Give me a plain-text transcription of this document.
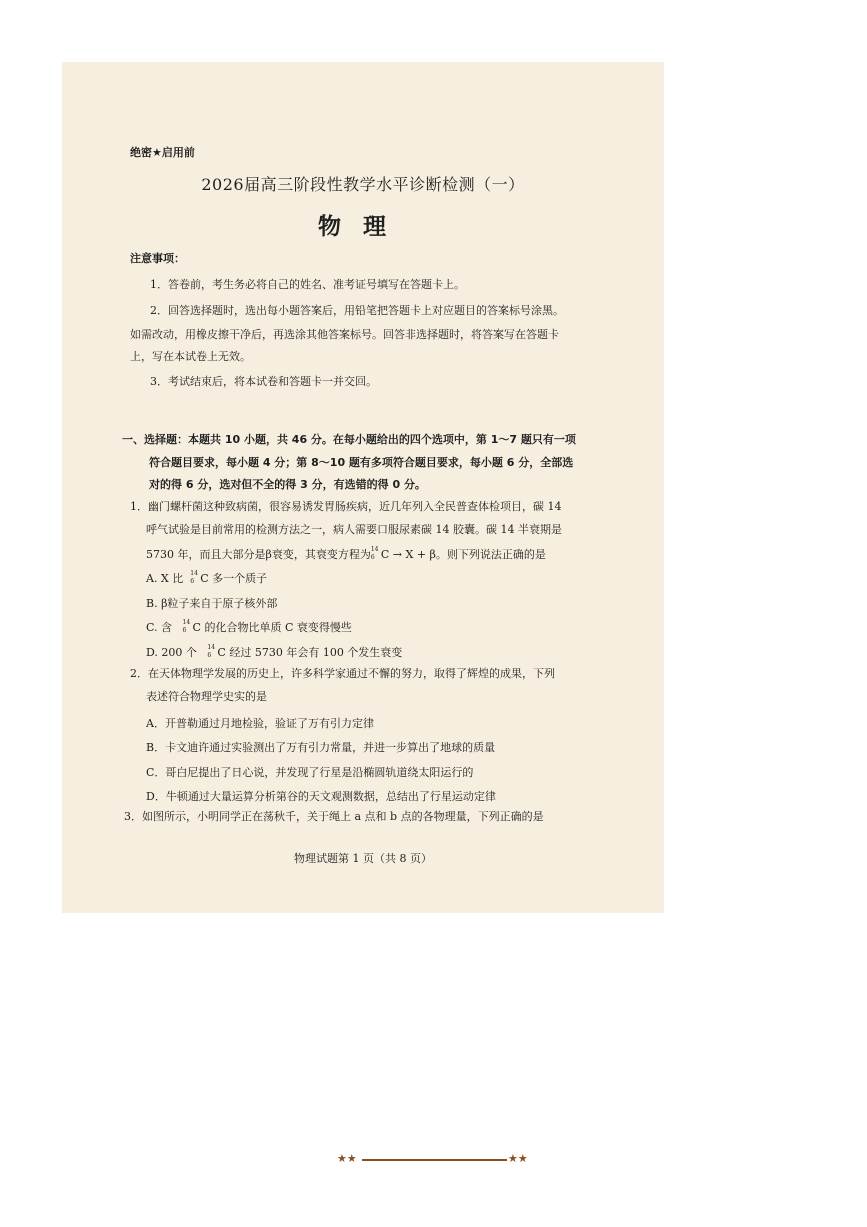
绝密★启用前
2026届高三阶段性教学水平诊断检测（一）
物理
注意事项：
1．答卷前，考生务必将自己的姓名、准考证号填写在答题卡上。
2．回答选择题时，选出每小题答案后，用铅笔把答题卡上对应题目的答案标号涂黑。
如需改动，用橡皮擦干净后，再选涂其他答案标号。回答非选择题时，将答案写在答题卡
上，写在本试卷上无效。
3．考试结束后，将本试卷和答题卡一并交回。
一、选择题：本题共 10 小题，共 46 分。在每小题给出的四个选项中，第 1～7 题只有一项
符合题目要求，每小题 4 分；第 8～10 题有多项符合题目要求，每小题 6 分，全部选
对的得 6 分，选对但不全的得 3 分，有选错的得 0 分。
1．幽门螺杆菌这种致病菌，很容易诱发胃肠疾病，近几年列入全民普查体检项目，碳 14
呼气试验是目前常用的检测方法之一，病人需要口服尿素碳 14 胶囊。碳 14 半衰期是
5730 年，而且大部分是β衰变，其衰变方程为 14
6 C → X + β。则下列说法正确的是
A. X 比 14
6 C 多一个质子
B. β粒子来自于原子核外部
C. 含 14
6 C 的化合物比单质 C 衰变得慢些
D. 200 个 14
6 C 经过 5730 年会有 100 个发生衰变
2．在天体物理学发展的历史上，许多科学家通过不懈的努力，取得了辉煌的成果，下列
表述符合物理学史实的是
A．开普勒通过月地检验，验证了万有引力定律
B．卡文迪许通过实验测出了万有引力常量，并进一步算出了地球的质量
C．哥白尼提出了日心说，并发现了行星是沿椭圆轨道绕太阳运行的
D．牛顿通过大量运算分析第谷的天文观测数据，总结出了行星运动定律
3．如图所示，小明同学正在荡秋千，关于绳上 a 点和 b 点的各物理量，下列正确的是
物理试题第 1 页（共 8 页）
★★	★★
